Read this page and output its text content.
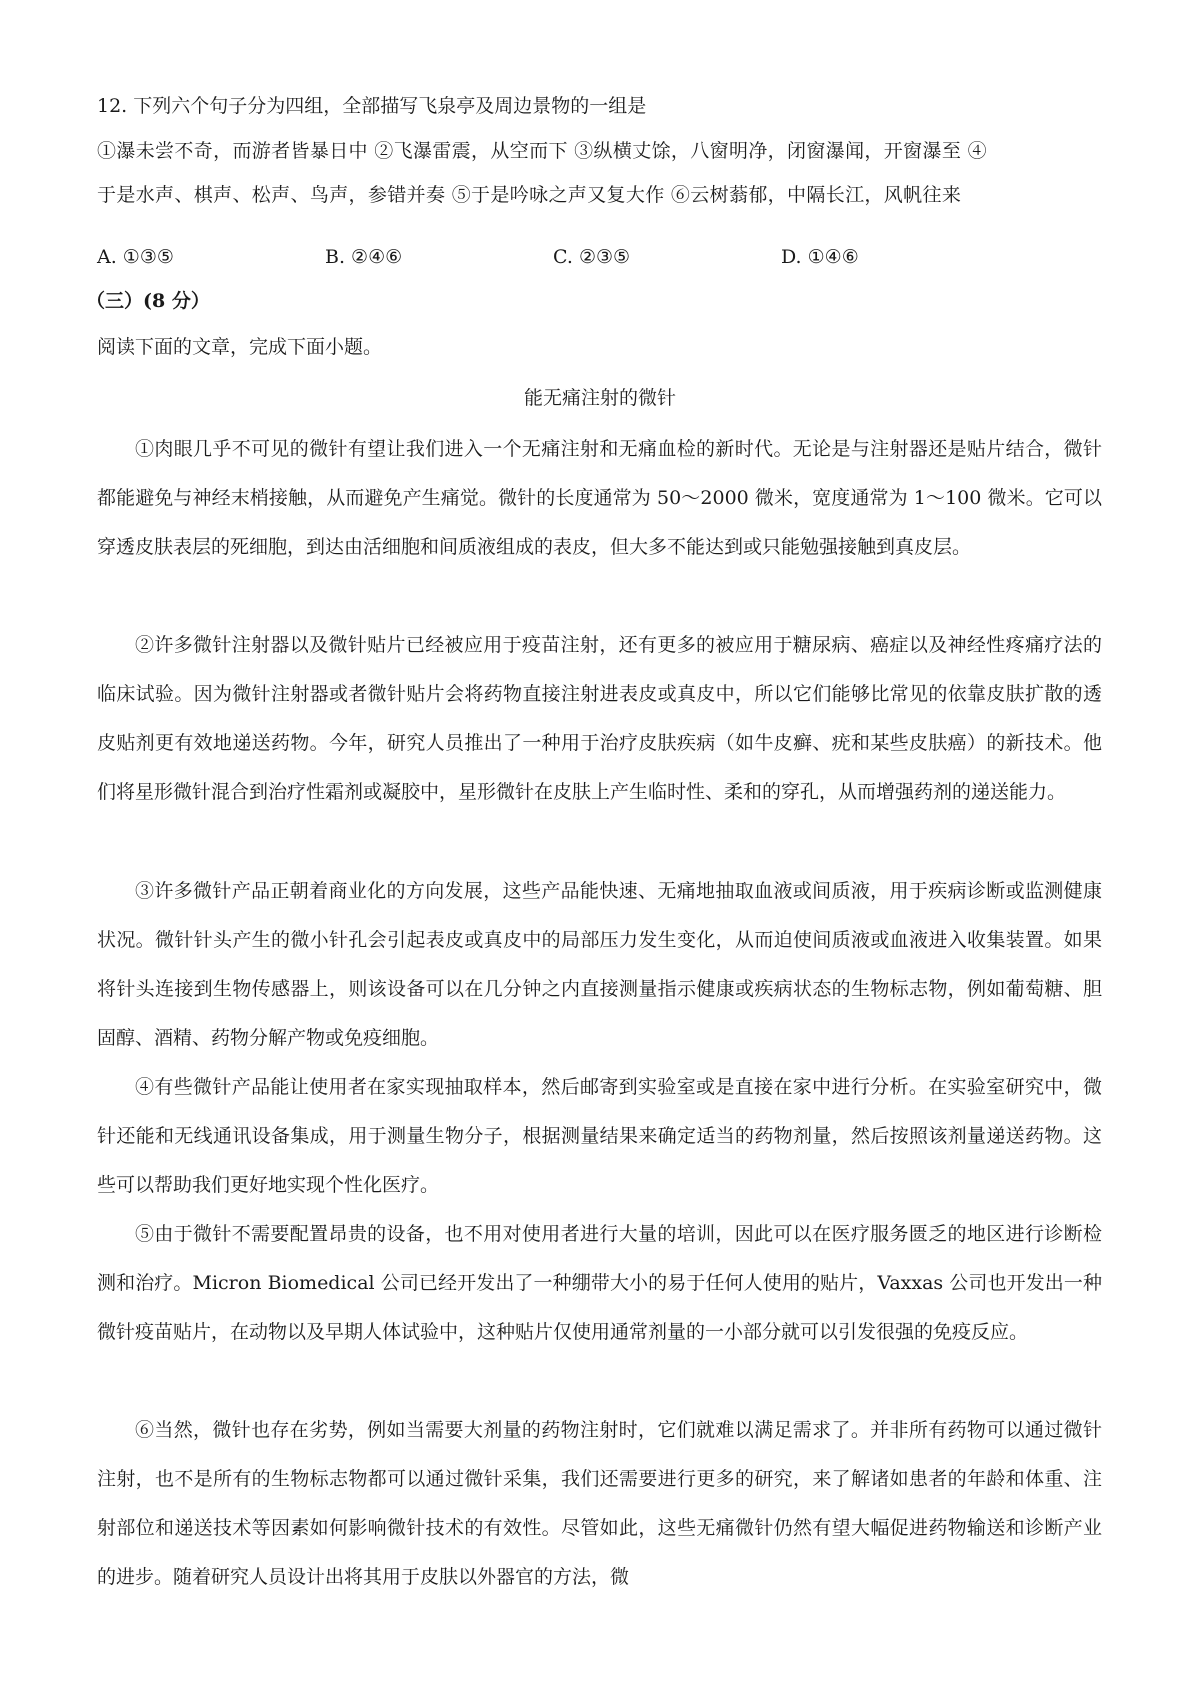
12. 下列六个句子分为四组，全部描写飞泉亭及周边景物的一组是
①瀑未尝不奇，而游者皆暴日中 ②飞瀑雷震，从空而下 ③纵横丈馀，八窗明净，闭窗瀑闻，开窗瀑至 ④
于是水声、棋声、松声、鸟声，参错并奏 ⑤于是吟咏之声又复大作 ⑥云树蓊郁，中隔长江，风帆往来
A. ①③⑤	B. ②④⑥	C. ②③⑤	D. ①④⑥
（三）(8 分）
阅读下面的文章，完成下面小题。
能无痛注射的微针
①肉眼几乎不可见的微针有望让我们进入一个无痛注射和无痛血检的新时代。无论是与注射器还是贴片结合，微针都能避免与神经末梢接触，从而避免产生痛觉。微针的长度通常为 50～2000 微米，宽度通常为 1～100 微米。它可以穿透皮肤表层的死细胞，到达由活细胞和间质液组成的表皮，但大多不能达到或只能勉强接触到真皮层。
②许多微针注射器以及微针贴片已经被应用于疫苗注射，还有更多的被应用于糖尿病、癌症以及神经性疼痛疗法的临床试验。因为微针注射器或者微针贴片会将药物直接注射进表皮或真皮中，所以它们能够比常见的依靠皮肤扩散的透皮贴剂更有效地递送药物。今年，研究人员推出了一种用于治疗皮肤疾病（如牛皮癣、疣和某些皮肤癌）的新技术。他们将星形微针混合到治疗性霜剂或凝胶中，星形微针在皮肤上产生临时性、柔和的穿孔，从而增强药剂的递送能力。
③许多微针产品正朝着商业化的方向发展，这些产品能快速、无痛地抽取血液或间质液，用于疾病诊断或监测健康状况。微针针头产生的微小针孔会引起表皮或真皮中的局部压力发生变化，从而迫使间质液或血液进入收集装置。如果将针头连接到生物传感器上，则该设备可以在几分钟之内直接测量指示健康或疾病状态的生物标志物，例如葡萄糖、胆固醇、酒精、药物分解产物或免疫细胞。
④有些微针产品能让使用者在家实现抽取样本，然后邮寄到实验室或是直接在家中进行分析。在实验室研究中，微针还能和无线通讯设备集成，用于测量生物分子，根据测量结果来确定适当的药物剂量，然后按照该剂量递送药物。这些可以帮助我们更好地实现个性化医疗。
⑤由于微针不需要配置昂贵的设备，也不用对使用者进行大量的培训，因此可以在医疗服务匮乏的地区进行诊断检测和治疗。Micron Biomedical 公司已经开发出了一种绷带大小的易于任何人使用的贴片，Vaxxas 公司也开发出一种微针疫苗贴片，在动物以及早期人体试验中，这种贴片仅使用通常剂量的一小部分就可以引发很强的免疫反应。
⑥当然，微针也存在劣势，例如当需要大剂量的药物注射时，它们就难以满足需求了。并非所有药物可以通过微针注射，也不是所有的生物标志物都可以通过微针采集，我们还需要进行更多的研究，来了解诸如患者的年龄和体重、注射部位和递送技术等因素如何影响微针技术的有效性。尽管如此，这些无痛微针仍然有望大幅促进药物输送和诊断产业的进步。随着研究人员设计出将其用于皮肤以外器官的方法，微
